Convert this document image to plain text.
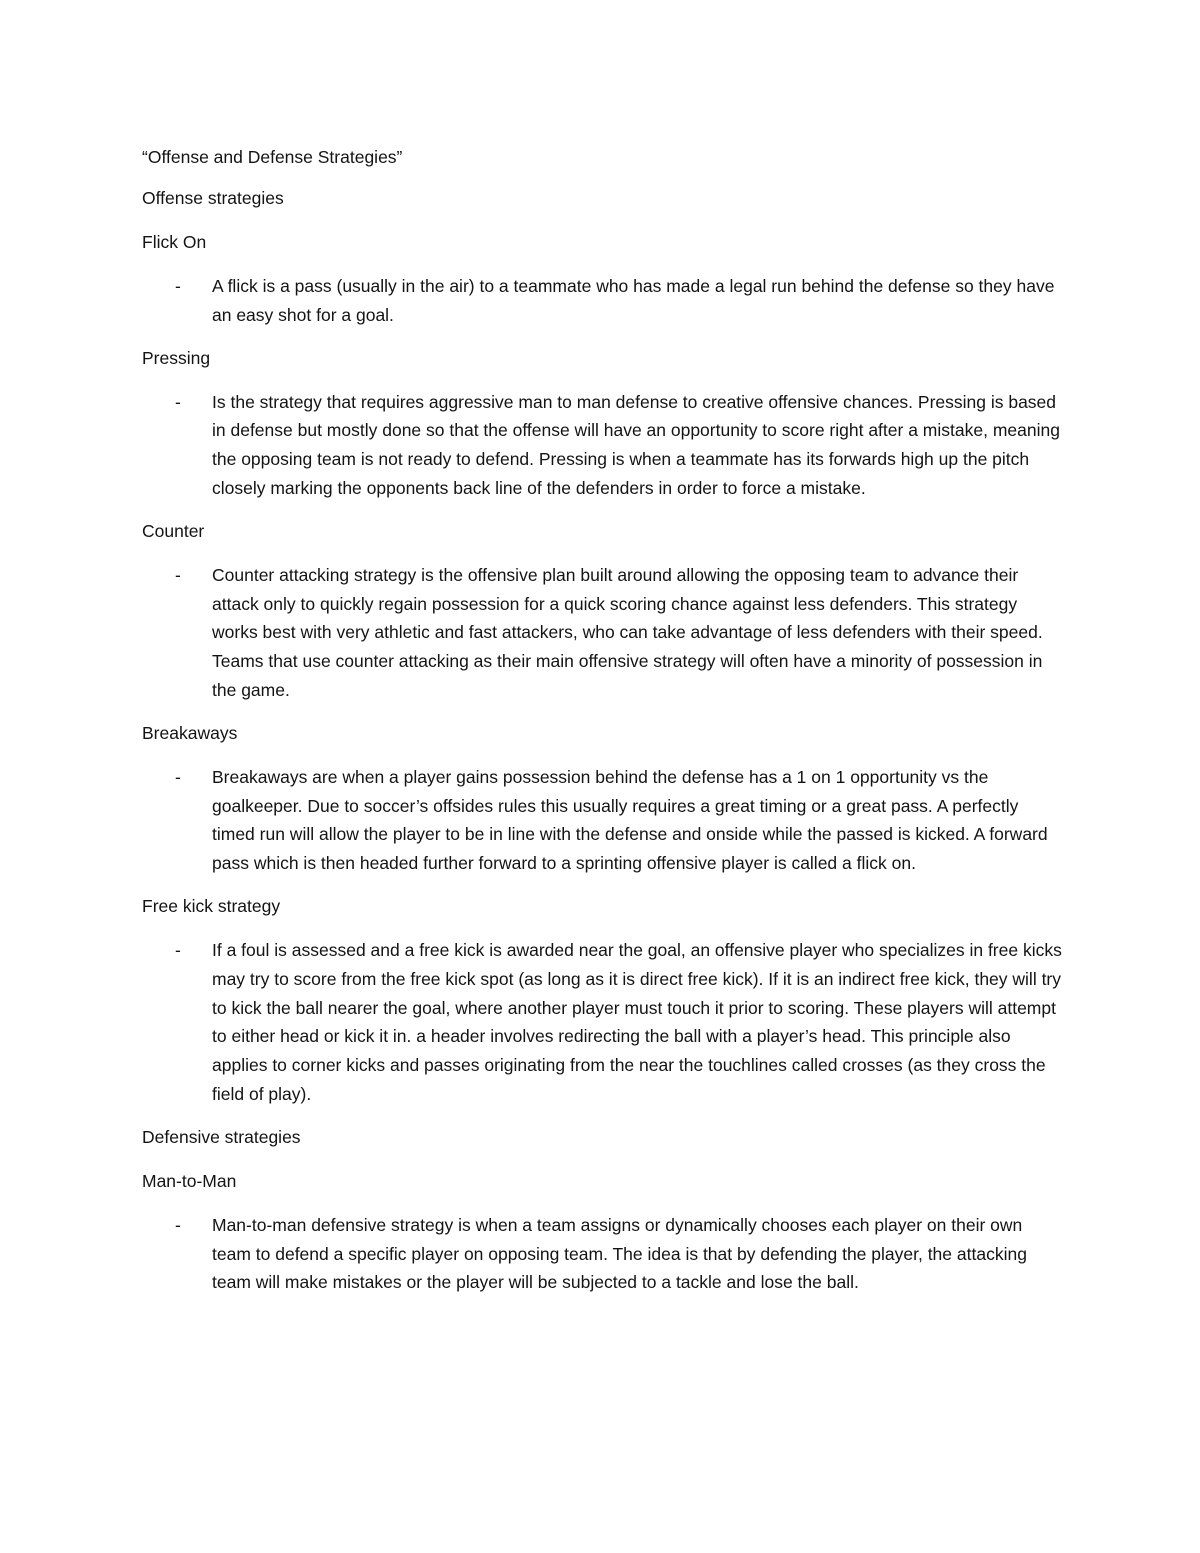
“Offense and Defense Strategies”
Offense strategies
Flick On
- A flick is a pass (usually in the air) to a teammate who has made a legal run behind the defense so they have an easy shot for a goal.
Pressing
- Is the strategy that requires aggressive man to man defense to creative offensive chances. Pressing is based in defense but mostly done so that the offense will have an opportunity to score right after a mistake, meaning the opposing team is not ready to defend. Pressing is when a teammate has its forwards high up the pitch closely marking the opponents back line of the defenders in order to force a mistake.
Counter
- Counter attacking strategy is the offensive plan built around allowing the opposing team to advance their attack only to quickly regain possession for a quick scoring chance against less defenders. This strategy works best with very athletic and fast attackers, who can take advantage of less defenders with their speed. Teams that use counter attacking as their main offensive strategy will often have a minority of possession in the game.
Breakaways
- Breakaways are when a player gains possession behind the defense has a 1 on 1 opportunity vs the goalkeeper. Due to soccer’s offsides rules this usually requires a great timing or a great pass. A perfectly timed run will allow the player to be in line with the defense and onside while the passed is kicked. A forward pass which is then headed further forward to a sprinting offensive player is called a flick on.
Free kick strategy
- If a foul is assessed and a free kick is awarded near the goal, an offensive player who specializes in free kicks may try to score from the free kick spot (as long as it is direct free kick). If it is an indirect free kick, they will try to kick the ball nearer the goal, where another player must touch it prior to scoring. These players will attempt to either head or kick it in. a header involves redirecting the ball with a player’s head. This principle also applies to corner kicks and passes originating from the near the touchlines called crosses (as they cross the field of play).
Defensive strategies
Man-to-Man
- Man-to-man defensive strategy is when a team assigns or dynamically chooses each player on their own team to defend a specific player on opposing team. The idea is that by defending the player, the attacking team will make mistakes or the player will be subjected to a tackle and lose the ball.
